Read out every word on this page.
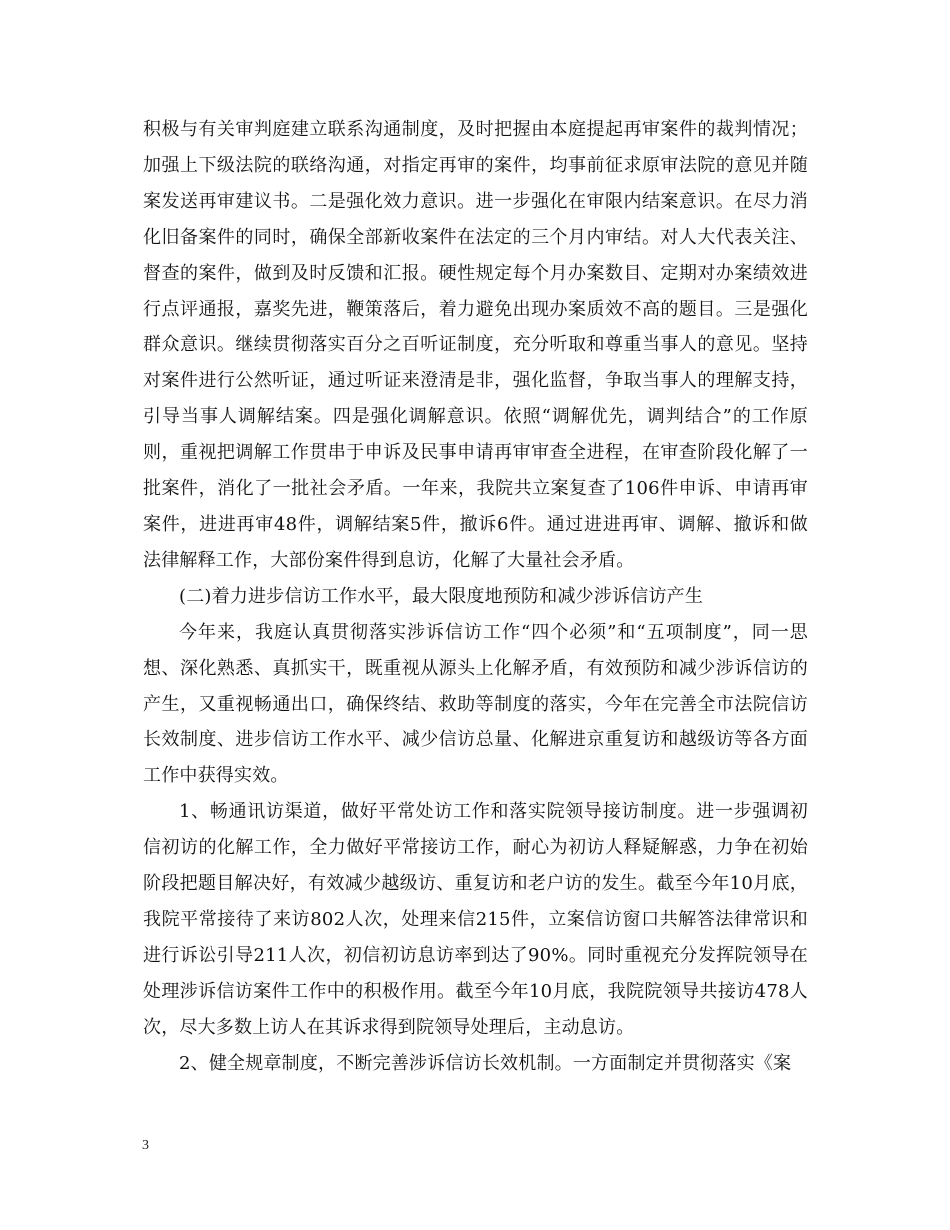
积极与有关审判庭建立联系沟通制度，及时把握由本庭提起再审案件的裁判情况；加强上下级法院的联络沟通，对指定再审的案件，均事前征求原审法院的意见并随案发送再审建议书。二是强化效力意识。进一步强化在审限内结案意识。在尽力消化旧备案件的同时，确保全部新收案件在法定的三个月内审结。对人大代表关注、督查的案件，做到及时反馈和汇报。硬性规定每个月办案数目、定期对办案绩效进行点评通报，嘉奖先进，鞭策落后，着力避免出现办案质效不高的题目。三是强化群众意识。继续贯彻落实百分之百听证制度，充分听取和尊重当事人的意见。坚持对案件进行公然听证，通过听证来澄清是非，强化监督，争取当事人的理解支持，引导当事人调解结案。四是强化调解意识。依照“调解优先，调判结合”的工作原则，重视把调解工作贯串于申诉及民事申请再审审查全进程，在审查阶段化解了一批案件，消化了一批社会矛盾。一年来，我院共立案复查了106件申诉、申请再审案件，进进再审48件，调解结案5件，撤诉6件。通过进进再审、调解、撤诉和做法律解释工作，大部份案件得到息访，化解了大量社会矛盾。

(二)着力进步信访工作水平，最大限度地预防和减少涉诉信访产生

今年来，我庭认真贯彻落实涉诉信访工作“四个必须”和“五项制度”，同一思想、深化熟悉、真抓实干，既重视从源头上化解矛盾，有效预防和减少涉诉信访的产生，又重视畅通出口，确保终结、救助等制度的落实，今年在完善全市法院信访长效制度、进步信访工作水平、减少信访总量、化解进京重复访和越级访等各方面工作中获得实效。

1、畅通讯访渠道，做好平常处访工作和落实院领导接访制度。进一步强调初信初访的化解工作，全力做好平常接访工作，耐心为初访人释疑解惑，力争在初始阶段把题目解决好，有效减少越级访、重复访和老户访的发生。截至今年10月底，我院平常接待了来访802人次，处理来信215件，立案信访窗口共解答法律常识和进行诉讼引导211人次，初信初访息访率到达了90%。同时重视充分发挥院领导在处理涉诉信访案件工作中的积极作用。截至今年10月底，我院院领导共接访478人次，尽大多数上访人在其诉求得到院领导处理后，主动息访。

2、健全规章制度，不断完善涉诉信访长效机制。一方面制定并贯彻落实《案

3
